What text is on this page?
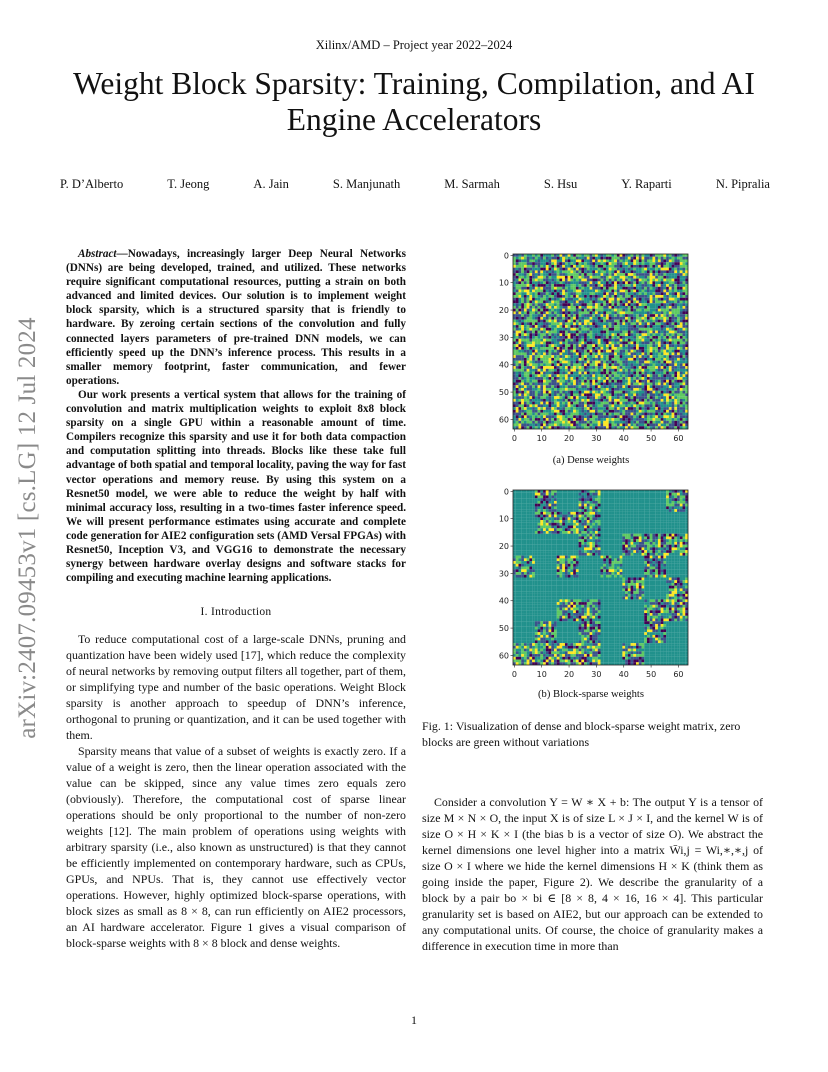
Xilinx/AMD – Project year 2022–2024
Weight Block Sparsity: Training, Compilation, and AI Engine Accelerators
P. D’Alberto	T. Jeong	A. Jain	S. Manjunath	M. Sarmah	S. Hsu	Y. Raparti	N. Pipralia
arXiv:2407.09453v1 [cs.LG] 12 Jul 2024

Abstract—Nowadays, increasingly larger Deep Neural Networks (DNNs) are being developed, trained, and utilized. These networks require significant computational resources, putting a strain on both advanced and limited devices. Our solution is to implement weight block sparsity, which is a structured sparsity that is friendly to hardware. By zeroing certain sections of the convolution and fully connected layers parameters of pre-trained DNN models, we can efficiently speed up the DNN’s inference process. This results in a smaller memory footprint, faster communication, and fewer operations.

Our work presents a vertical system that allows for the training of convolution and matrix multiplication weights to exploit 8x8 block sparsity on a single GPU within a reasonable amount of time. Compilers recognize this sparsity and use it for both data compaction and computation splitting into threads. Blocks like these take full advantage of both spatial and temporal locality, paving the way for fast vector operations and memory reuse. By using this system on a Resnet50 model, we were able to reduce the weight by half with minimal accuracy loss, resulting in a two-times faster inference speed. We will present performance estimates using accurate and complete code generation for AIE2 configuration sets (AMD Versal FPGAs) with Resnet50, Inception V3, and VGG16 to demonstrate the necessary synergy between hardware overlay designs and software stacks for compiling and executing machine learning applications.

I. Introduction

To reduce computational cost of a large-scale DNNs, pruning and quantization have been widely used [17], which reduce the complexity of neural networks by removing output filters all together, part of them, or simplifying type and number of the basic operations. Weight Block sparsity is another approach to speedup of DNN’s inference, orthogonal to pruning or quantization, and it can be used together with them.

Sparsity means that value of a subset of weights is exactly zero. If a value of a weight is zero, then the linear operation associated with the value can be skipped, since any value times zero equals zero (obviously). Therefore, the computational cost of sparse linear operations should be only proportional to the number of non-zero weights [12]. The main problem of operations using weights with arbitrary sparsity (i.e., also known as unstructured) is that they cannot be efficiently implemented on contemporary hardware, such as CPUs, GPUs, and NPUs. That is, they cannot use effectively vector operations. However, highly optimized block-sparse operations, with block sizes as small as 8 × 8, can run efficiently on AIE2 processors, an AI hardware accelerator. Figure 1 gives a visual comparison of block-sparse weights with 8 × 8 block and dense weights.

0
0
10
10
20
20
30
30
40
40
50
50
60
60
(a) Dense weights
0
0
10
10
20
20
30
30
40
40
50
50
60
60
(b) Block-sparse weights
Fig. 1: Visualization of dense and block-sparse weight matrix, zero blocks are green without variations

Consider a convolution Y = W ∗ X + b: The output Y is a tensor of size M × N × O, the input X is of size L × J × I, and the kernel W is of size O × H × K × I (the bias b is a vector of size O). We abstract the kernel dimensions one level higher into a matrix W̄i,j = Wi,∗,∗,j of size O × I where we hide the kernel dimensions H × K (think them as going inside the paper, Figure 2). We describe the granularity of a block by a pair bo × bi ∈ [8 × 8, 4 × 16, 16 × 4]. This particular granularity set is based on AIE2, but our approach can be extended to any computational units. Of course, the choice of granularity makes a difference in execution time in more than

1
